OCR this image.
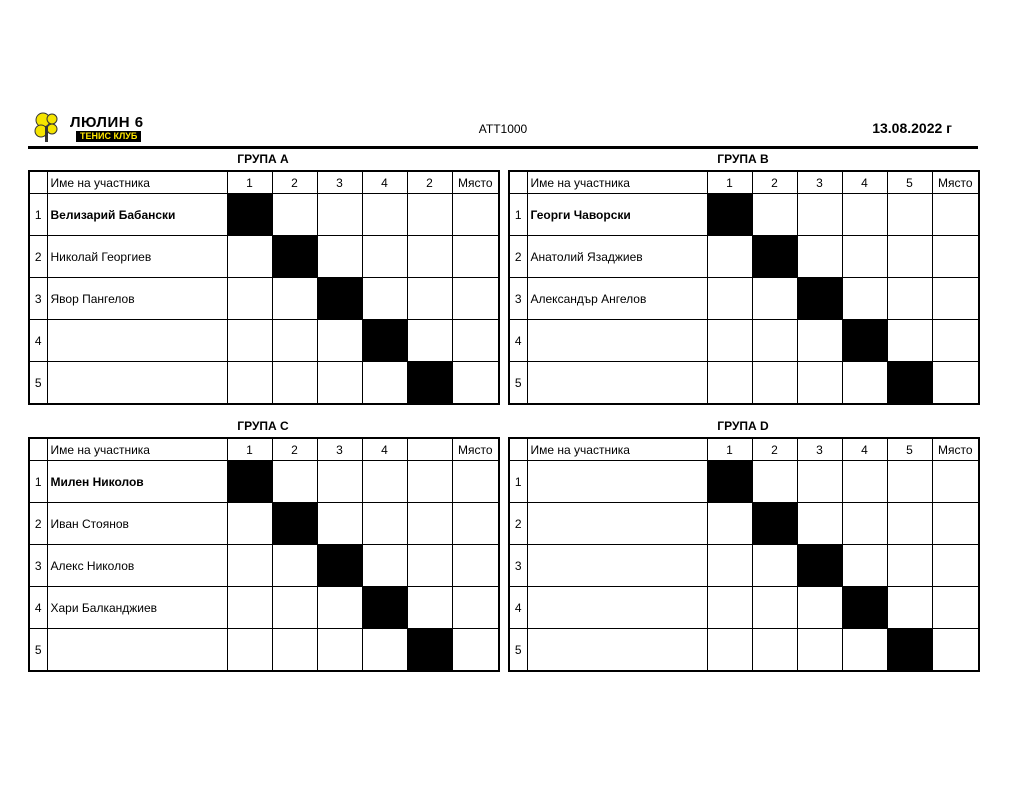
ЛЮЛИН 6
ТЕНИС КЛУБ	ATT1000	13.08.2022 г
ГРУПА A
	Име на участника	1	2	3	4	2	Място
1	Велизарий Бабански						
2	Николай Георгиев						
3	Явор Пангелов						
4							
5							
ГРУПА B
	Име на участника	1	2	3	4	5	Място
1	Георги Чаворски						
2	Анатолий Язаджиев						
3	Александър Ангелов						
4							
5							
ГРУПА C
	Име на участника	1	2	3	4		Място
1	Милен Николов						
2	Иван Стоянов						
3	Алекс Николов						
4	Хари Балканджиев						
5							
ГРУПА D
	Име на участника	1	2	3	4	5	Място
1							
2							
3							
4							
5							
